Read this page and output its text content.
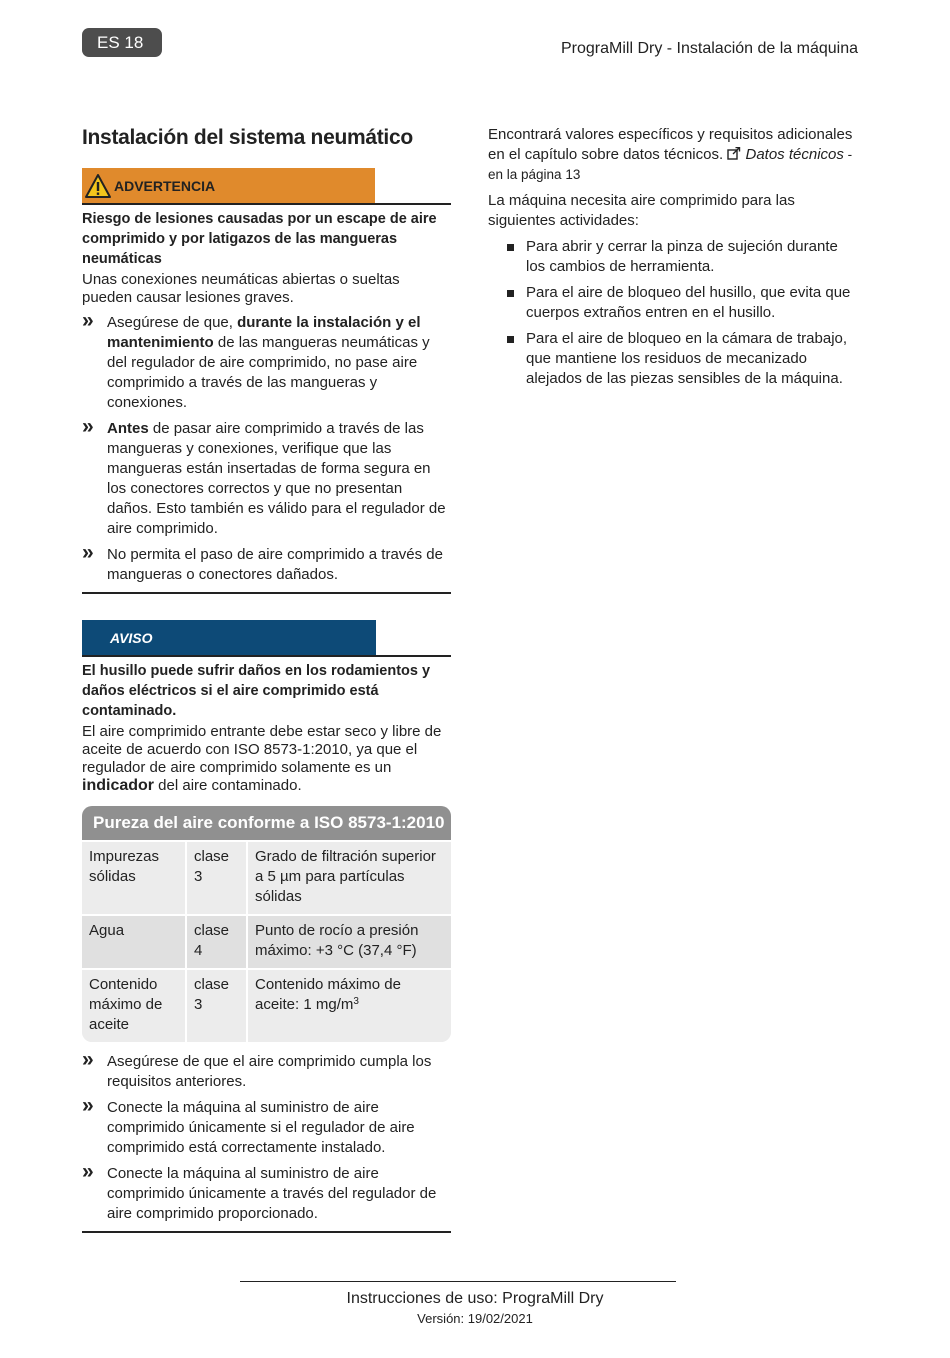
ES 18	PrograMill Dry - Instalación de la máquina
Instalación del sistema neumático
ADVERTENCIA
Riesgo de lesiones causadas por un escape de aire comprimido y por latigazos de las mangueras neumáticas

Unas conexiones neumáticas abiertas o sueltas pueden causar lesiones graves.

» Asegúrese de que, durante la instalación y el mantenimiento de las mangueras neumáticas y del regulador de aire comprimido, no pase aire comprimido a través de las mangueras y conexiones.
» Antes de pasar aire comprimido a través de las mangueras y conexiones, verifique que las mangueras están insertadas de forma segura en los conectores correctos y que no presentan daños. Esto también es válido para el regulador de aire comprimido.
» No permita el paso de aire comprimido a través de mangueras o conectores dañados.
AVISO
El husillo puede sufrir daños en los rodamientos y daños eléctricos si el aire comprimido está contaminado.

El aire comprimido entrante debe estar seco y libre de aceite de acuerdo con ISO 8573-1:2010, ya que el regulador de aire comprimido solamente es un indicador del aire contaminado.

Pureza del aire conforme a ISO 8573-1:2010
Impurezas sólidas
clase 3
Grado de filtración superior a 5 µm para partículas sólidas
Agua	clase 4
Punto de rocío a presión máximo: +3 °C (37,4 °F)
Contenido máximo de aceite
clase 3
Contenido máximo de aceite: 1 $mg/m^3$
» Asegúrese de que el aire comprimido cumpla los requisitos anteriores.
» Conecte la máquina al suministro de aire comprimido únicamente si el regulador de aire comprimido está correctamente instalado.
» Conecte la máquina al suministro de aire comprimido únicamente a través del regulador de aire comprimido proporcionado.

Encontrará valores específicos y requisitos adicionales en el capítulo sobre datos técnicos. Datos técnicos - en la página 13

La máquina necesita aire comprimido para las siguientes actividades:

Para abrir y cerrar la pinza de sujeción durante los cambios de herramienta.
Para el aire de bloqueo del husillo, que evita que cuerpos extraños entren en el husillo.
Para el aire de bloqueo en la cámara de trabajo, que mantiene los residuos de mecanizado alejados de las piezas sensibles de la máquina.
Instrucciones de uso: PrograMill Dry
Versión: 19/02/2021
